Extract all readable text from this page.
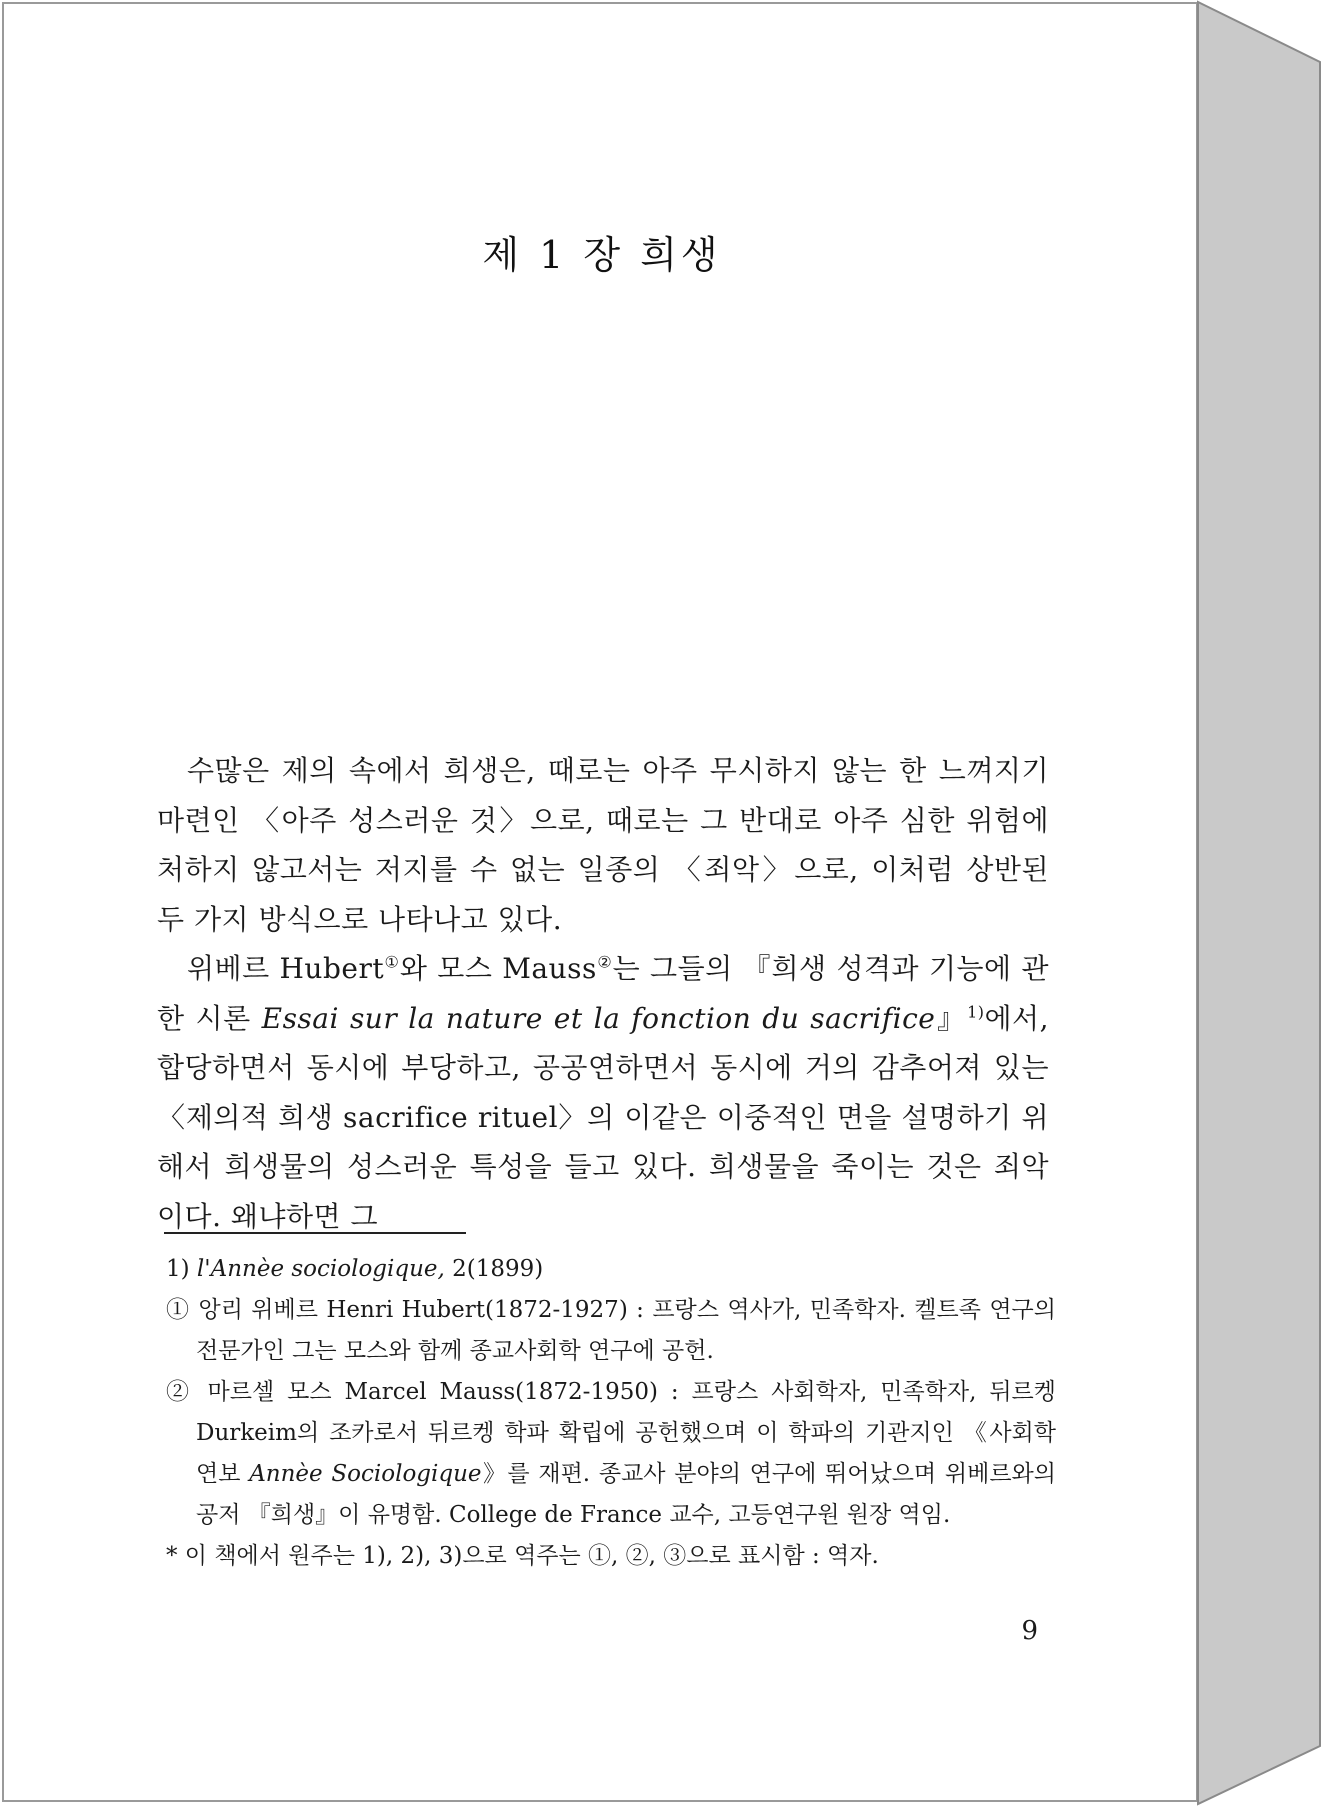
제 1 장 희생

수많은 제의 속에서 희생은, 때로는 아주 무시하지 않는 한 느껴지기 마련인 〈아주 성스러운 것〉으로, 때로는 그 반대로 아주 심한 위험에 처하지 않고서는 저지를 수 없는 일종의 〈죄악〉으로, 이처럼 상반된 두 가지 방식으로 나타나고 있다.

위베르 Hubert①와 모스 Mauss②는 그들의 『희생 성격과 기능에 관한 시론 Essai sur la nature et la fonction du sacrifice』$^{1)}$에서, 합당하면서 동시에 부당하고, 공공연하면서 동시에 거의 감추어져 있는 〈제의적 희생 sacrifice rituel〉의 이같은 이중적인 면을 설명하기 위해서 희생물의 성스러운 특성을 들고 있다. 희생물을 죽이는 것은 죄악이다. 왜냐하면 그

1) l'Annèe sociologique, 2(1899)

① 앙리 위베르 Henri Hubert(1872-1927) : 프랑스 역사가, 민족학자. 켈트족 연구의 전문가인 그는 모스와 함께 종교사회학 연구에 공헌.

② 마르셀 모스 Marcel Mauss(1872-1950) : 프랑스 사회학자, 민족학자, 뒤르켕 Durkeim의 조카로서 뒤르켕 학파 확립에 공헌했으며 이 학파의 기관지인 《사회학 연보 Annèe Sociologique》를 재편. 종교사 분야의 연구에 뛰어났으며 위베르와의 공저 『희생』이 유명함. College de France 교수, 고등연구원 원장 역임.

* 이 책에서 원주는 1), 2), 3)으로 역주는 ①, ②, ③으로 표시함 : 역자.

9
